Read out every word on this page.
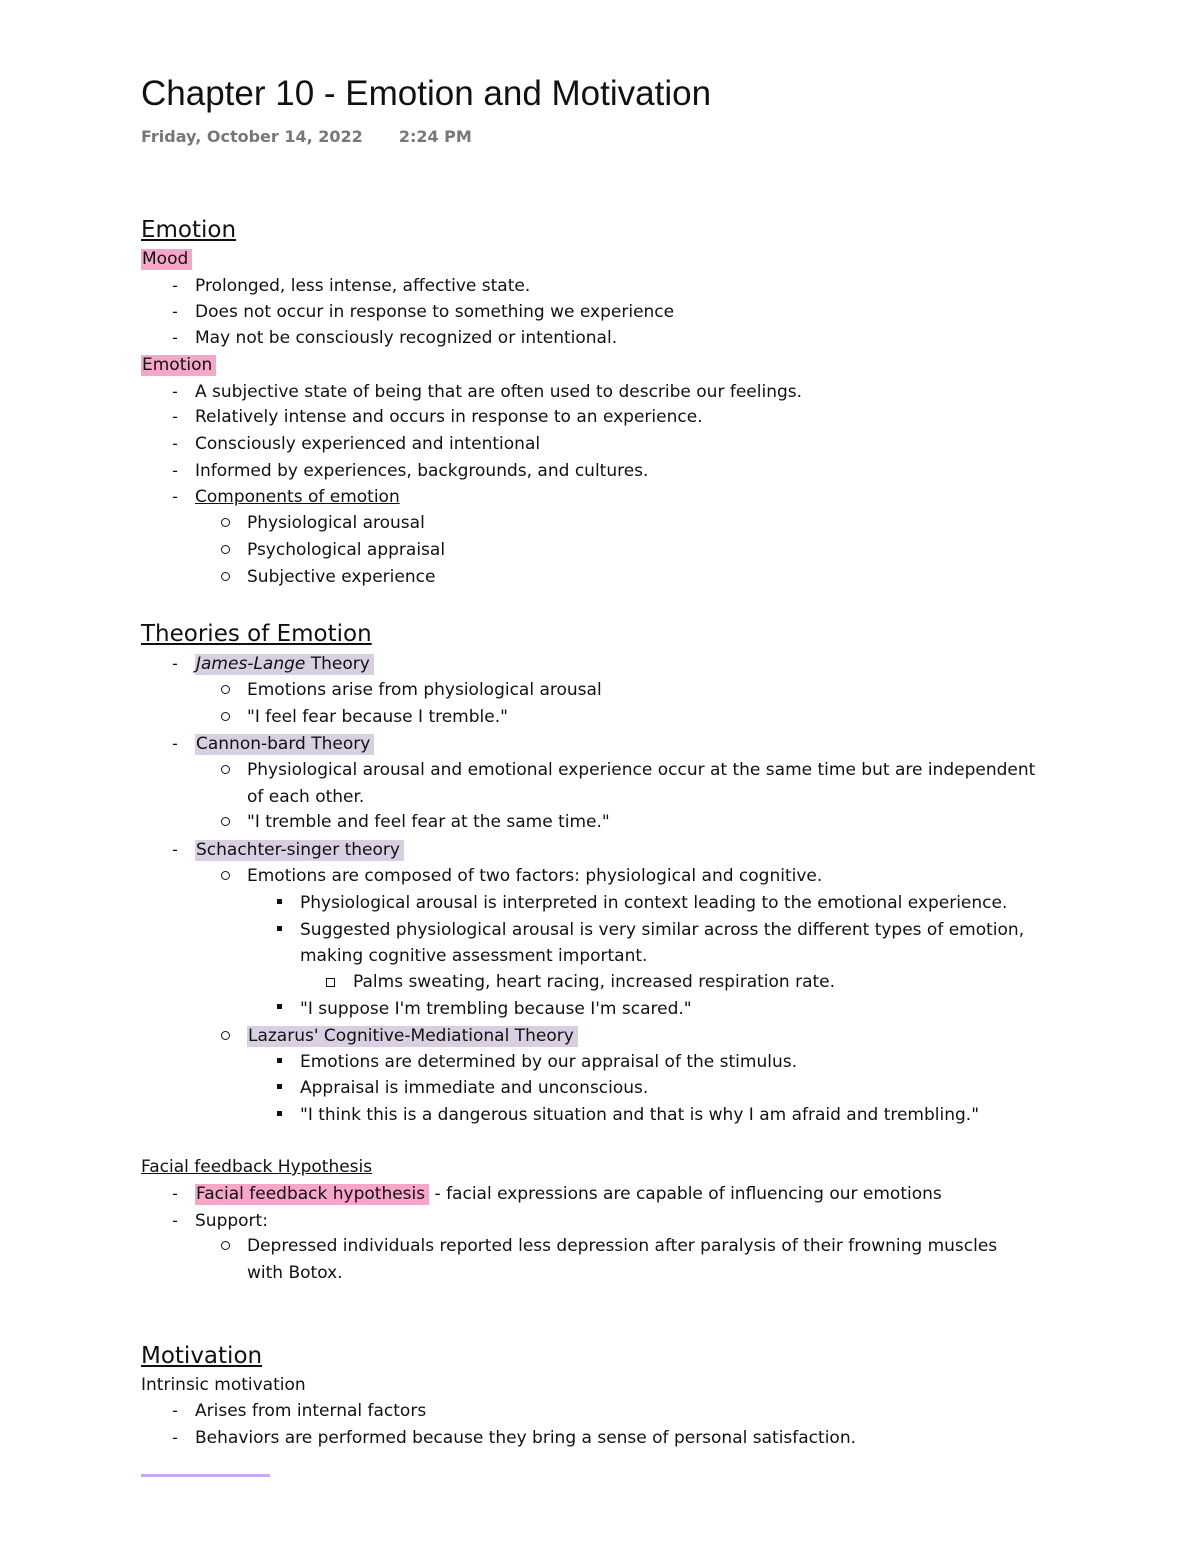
Chapter 10 - Emotion and Motivation
Friday, October 14, 2022 2:24 PM
Emotion
Mood
- Prolonged, less intense, affective state.
- Does not occur in response to something we experience
- May not be consciously recognized or intentional.
Emotion
- A subjective state of being that are often used to describe our feelings.
- Relatively intense and occurs in response to an experience.
- Consciously experienced and intentional
- Informed by experiences, backgrounds, and cultures.
- Components of emotion
Physiological arousal
Psychological appraisal
Subjective experience
Theories of Emotion
- James-Lange Theory
Emotions arise from physiological arousal
"I feel fear because I tremble."
- Cannon-bard Theory
Physiological arousal and emotional experience occur at the same time but are independent
of each other.
"I tremble and feel fear at the same time."
- Schachter-singer theory
Emotions are composed of two factors: physiological and cognitive.
Physiological arousal is interpreted in context leading to the emotional experience.
Suggested physiological arousal is very similar across the different types of emotion,
making cognitive assessment important.
Palms sweating, heart racing, increased respiration rate.
"I suppose I'm trembling because I'm scared."
Lazarus' Cognitive-Mediational Theory
Emotions are determined by our appraisal of the stimulus.
Appraisal is immediate and unconscious.
"I think this is a dangerous situation and that is why I am afraid and trembling."
Facial feedback Hypothesis
- Facial feedback hypothesis - facial expressions are capable of influencing our emotions
- Support:
Depressed individuals reported less depression after paralysis of their frowning muscles
with Botox.
Motivation
Intrinsic motivation
- Arises from internal factors
- Behaviors are performed because they bring a sense of personal satisfaction.
